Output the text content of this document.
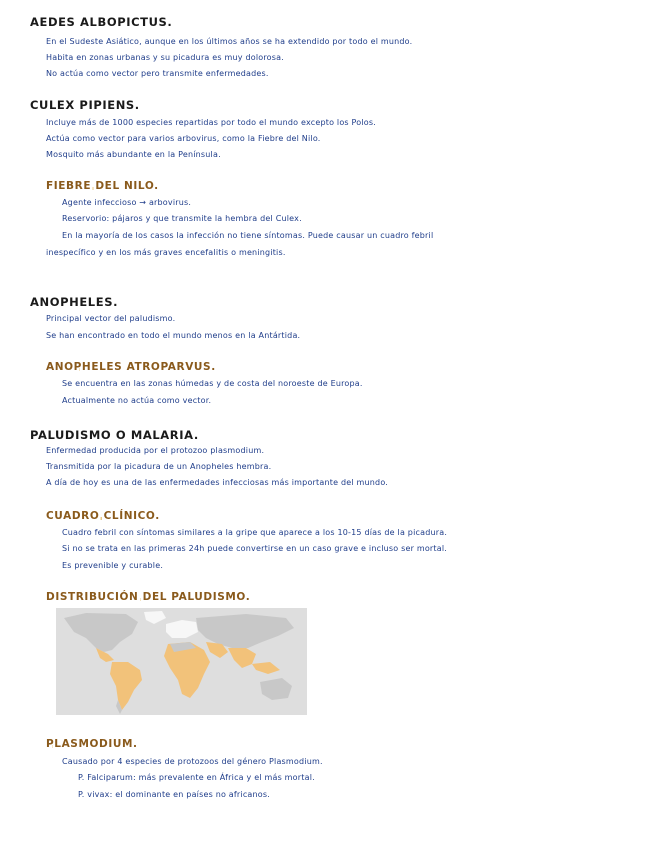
AEDES ALBOPICTUS.
En el Sudeste Asiático, aunque en los últimos años se ha extendido por todo el mundo.
Habita en zonas urbanas y su picadura es muy dolorosa.
No actúa como vector pero transmite enfermedades.
CULEX PIPIENS.
Incluye más de 1000 especies repartidas por todo el mundo excepto los Polos.
Actúa como vector para varios arbovirus, como la Fiebre del Nilo.
Mosquito más abundante en la Península.
FIEBRE DEL NILO.
Agente infeccioso → arbovirus.
Reservorio: pájaros y que transmite la hembra del Culex.
En la mayoría de los casos la infección no tiene síntomas. Puede causar un cuadro febril
inespecífico y en los más graves encefalitis o meningitis.
ANOPHELES.
Principal vector del paludismo.
Se han encontrado en todo el mundo menos en la Antártida.
ANOPHELES ATROPARVUS.
Se encuentra en las zonas húmedas y de costa del noroeste de Europa.
Actualmente no actúa como vector.
PALUDISMO O MALARIA.
Enfermedad producida por el protozoo plasmodium.
Transmitida por la picadura de un Anopheles hembra.
A día de hoy es una de las enfermedades infecciosas más importante del mundo.
CUADRO CLÍNICO.
Cuadro febril con síntomas similares a la gripe que aparece a los 10-15 días de la picadura.
Si no se trata en las primeras 24h puede convertirse en un caso grave e incluso ser mortal.
Es prevenible y curable.
DISTRIBUCIÓN DEL PALUDISMO.
PLASMODIUM.
Causado por 4 especies de protozoos del género Plasmodium.
P. Falciparum: más prevalente en África y el más mortal.
P. vivax: el dominante en países no africanos.
